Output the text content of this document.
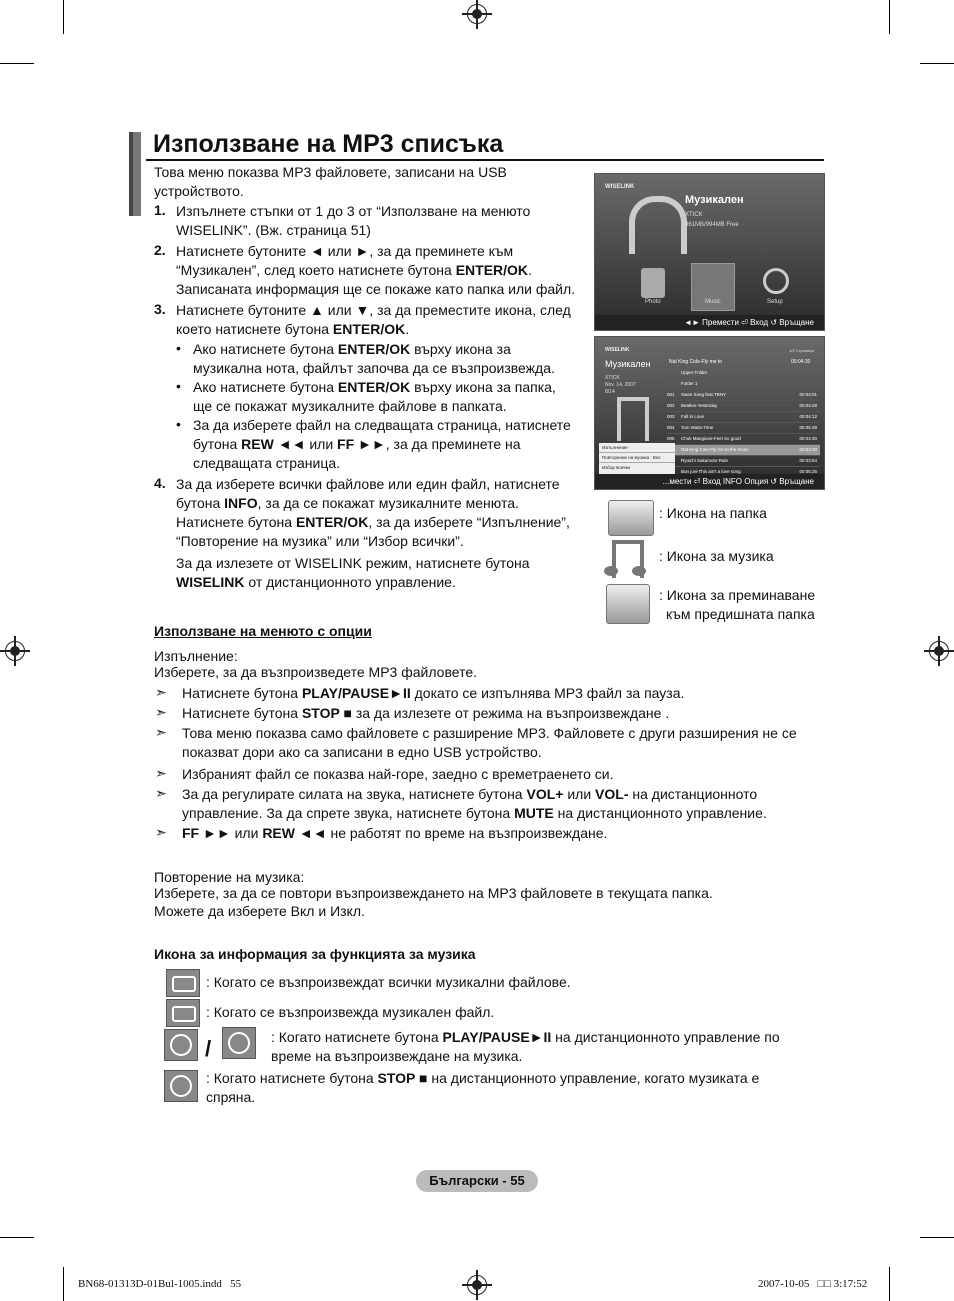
Използване на MP3 списъка
Това меню показва MP3 файловете, записани на USB
устройството.
1. Изпълнете стъпки от 1 до 3 от “Използване на менюто
WISELINK”. (Вж. страница 51)
2. Натиснете бутоните ◄ или ►, за да преминете към
“Музикален”, след което натиснете бутона ENTER/OK.
Записаната информация ще се покаже като папка или файл.
3. Натиснете бутоните ▲ или ▼, за да преместите икона, след
което натиснете бутона ENTER/OK.
• Ако натиснете бутона ENTER/OK върху икона за
музикална нота, файлът започва да се възпроизвежда.
• Ако натиснете бутона ENTER/OK върху икона за папка,
ще се покажат музикалните файлове в папката.
• За да изберете файл на следващата страница, натиснете
бутона REW ◄◄ или FF ►►, за да преминете на
следващата страница.
4. За да изберете всички файлове или един файл, натиснете
бутона INFO, за да се покажат музикалните менюта.
Натиснете бутона ENTER/OK, за да изберете “Изпълнение”,
“Повторение на музика” или “Избор всички”.
За да излезете от WISELINK режим, натиснете бутона
WISELINK от дистанционното управление.
WISELINK
Музикален
XTICK
861MB/994MB Free
Photo	Music	Setup
◄► Премести ⏎ Вход ↺ Връщане
WISELINK
Музикален
XTICK
Nov. 14, 2007
8/14
Nat King Cole-Fly me to	00:04:30
1/2 Страница
Upper Folder
Folder 1
001	Swan Song feat.TBNY	00:04:01
002	Beatles-Yesterday	00:04:28
003	Fall in Love	00:04:12
004	Tom Waits-Time	00:05:39
005	Chuk Mangione-Feel So good	00:04:30
Nat King Cole-Fly me to the moon	00:04:30
Ryuichi Sakamoto-Rain	00:03:54
Bon jovi-This ain't a love song	00:05:25
Изпълнение
Повторение на музика : Вкл
Избор всички
...мести ⏎ Вход INFO Опция ↺ Връщане
: Икона на папка
: Икона за музика
: Икона за преминаване
към предишната папка
Използване на менюто с опции
Изпълнение:
Изберете, за да възпроизведете MP3 файловете.
➣ Натиснете бутона PLAY/PAUSE►II докато се изпълнява MP3 файл за пауза.
➣ Натиснете бутона STOP ■ за да излезете от режима на възпроизвеждане .
➣ Това меню показва само файловете с разширение MP3. Файловете с други разширения не се
показват дори ако са записани в едно USB устройство.
➣ Избраният файл се показва най-горе, заедно с времетраенето си.
➣ За да регулирате силата на звука, натиснете бутона VOL+ или VOL- на дистанционното
управление. За да спрете звука, натиснете бутона MUTE на дистанционното управление.
➣ FF ►► или REW ◄◄ не работят по време на възпроизвеждане.
Повторение на музика:
Изберете, за да се повтори възпроизвеждането на MP3 файловете в текущата папка.
Можете да изберете Вкл и Изкл.
Икона за информация за функцията за музика
: Когато се възпроизвеждат всички музикални файлове.
: Когато се възпроизвежда музикален файл.
/	: Когато натиснете бутона PLAY/PAUSE►II на дистанционното управление по
време на възпроизвеждане на музика.
: Когато натиснете бутона STOP ■ на дистанционното управление, когато музиката е
спряна.
Български - 55
BN68-01313D-01Bul-1005.indd   55	2007-10-05   □□ 3:17:52
